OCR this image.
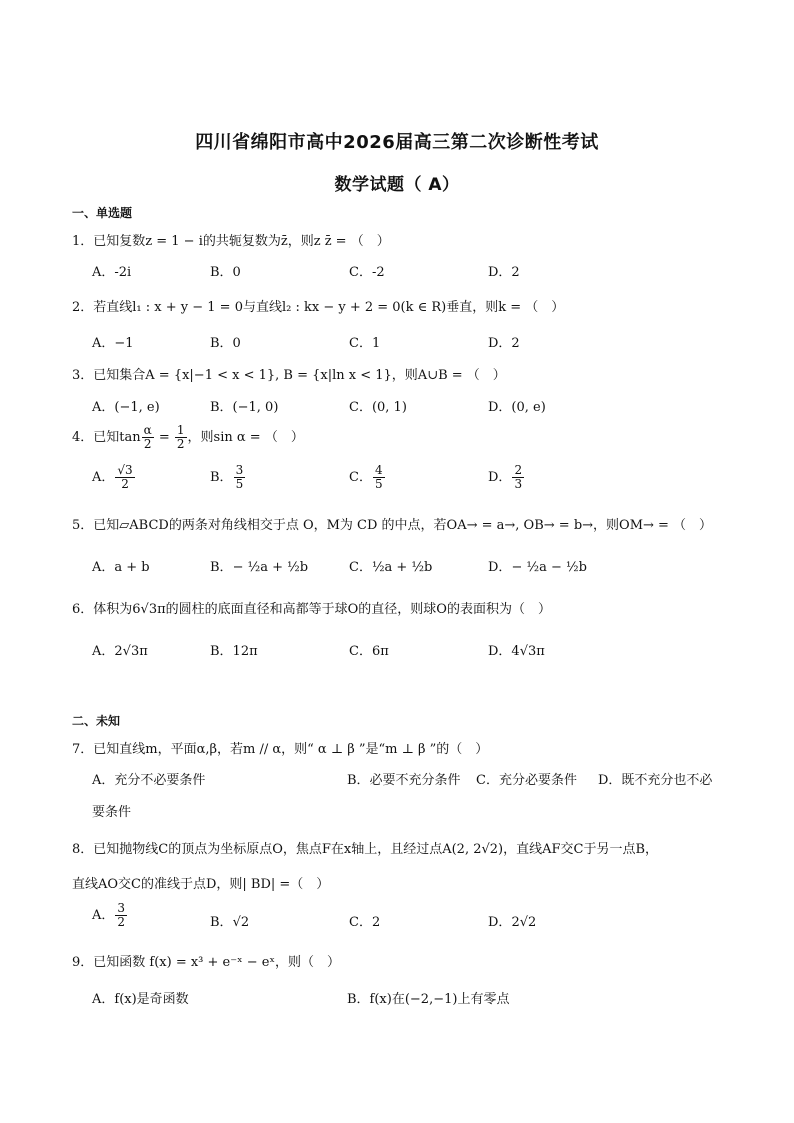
四川省绵阳市高中2026届高三第二次诊断性考试
数学试题（ A）
一、单选题
1．已知复数z = 1 − i的共轭复数为z̄，则z z̄ = （　）
A．-2i	B．0	C．-2	D．2
2．若直线l₁ : x + y − 1 = 0与直线l₂ : kx − y + 2 = 0(k ∈ R)垂直，则k = （　）
A．−1	B．0	C．1	D．2
3．已知集合A = {x|−1 < x < 1}, B = {x|ln x < 1}，则A∪B = （　）
A．(−1, e)	B．(−1, 0)	C．(0, 1)	D．(0, e)
4．已知$\tan \frac{\alpha}{2} = \frac{1}{2}$ ，则sin α = （　）
A． $\frac{√3}{2}$	B． $\frac{3}{5}$	C． $\frac{4}{5}$	D． $\frac{2}{3}$
5．已知▱ABCD的两条对角线相交于点 O，M为 CD 的中点，若OA→ = a→, OB→ = b→，则OM→ = （　）
A．a + b	B．− ½a + ½b	C．½a + ½b	D．− ½a − ½b
6．体积为6√3π的圆柱的底面直径和高都等于球O的直径，则球O的表面积为（　）
A．2√3π	B．12π	C．6π	D．4√3π
二、未知
7．已知直线m，平面α,β，若m // α，则“ α ⊥ β ”是“m ⊥ β ”的（　）
A．充分不必要条件	B．必要不充分条件 C．充分必要条件 D．既不充分也不必
要条件
8．已知抛物线C的顶点为坐标原点O，焦点F在x轴上，且经过点A(2, 2√2)，直线AF交C于另一点B，
直线AO交C的准线于点D，则| BD| =（　）
A． $\frac{3}{2}$	B．√2	C．2	D．2√2
9．已知函数 f(x) = x³ + e⁻ˣ − eˣ，则（　）
A．f(x)是奇函数	B．f(x)在(−2,−1)上有零点
